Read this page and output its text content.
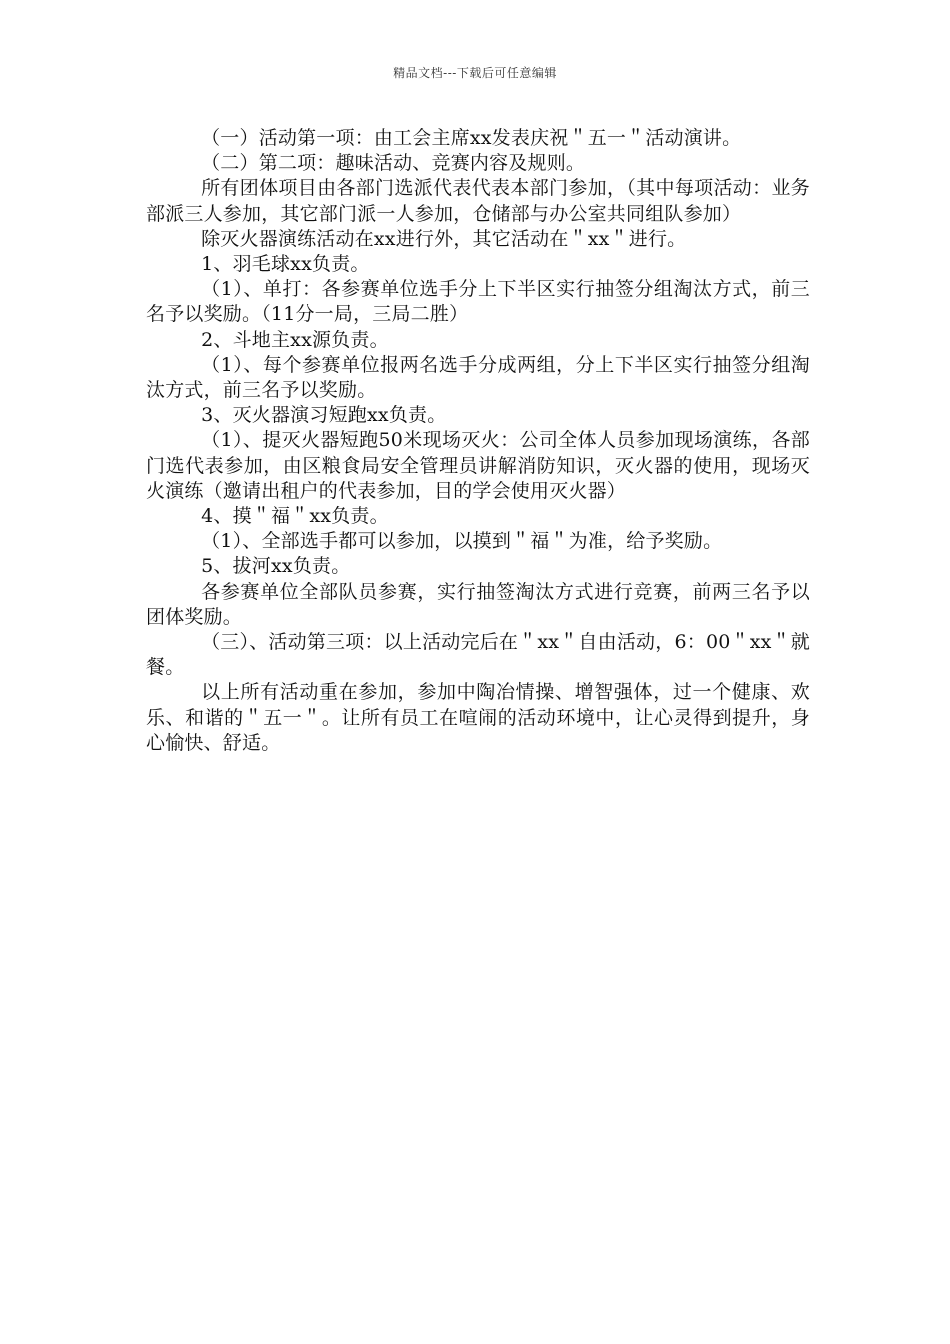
精品文档---下载后可任意编辑

（一）活动第一项：由工会主席xx发表庆祝＂五一＂活动演讲。

（二）第二项：趣味活动、竞赛内容及规则。

所有团体项目由各部门选派代表代表本部门参加，（其中每项活动：业务部派三人参加，其它部门派一人参加，仓储部与办公室共同组队参加）

除灭火器演练活动在xx进行外，其它活动在＂xx＂进行。

1、羽毛球xx负责。

（1）、单打：各参赛单位选手分上下半区实行抽签分组淘汰方式，前三名予以奖励。（11分一局，三局二胜）

2、斗地主xx源负责。

（1）、每个参赛单位报两名选手分成两组，分上下半区实行抽签分组淘汰方式，前三名予以奖励。

3、灭火器演习短跑xx负责。

（1）、提灭火器短跑50米现场灭火：公司全体人员参加现场演练，各部门选代表参加，由区粮食局安全管理员讲解消防知识，灭火器的使用，现场灭火演练（邀请出租户的代表参加，目的学会使用灭火器）

4、摸＂福＂xx负责。

（1）、全部选手都可以参加，以摸到＂福＂为准，给予奖励。

5、拔河xx负责。

各参赛单位全部队员参赛，实行抽签淘汰方式进行竞赛，前两三名予以团体奖励。

（三）、活动第三项：以上活动完后在＂xx＂自由活动，6：00＂xx＂就餐。

以上所有活动重在参加，参加中陶冶情操、增智强体，过一个健康、欢乐、和谐的＂五一＂。让所有员工在喧闹的活动环境中，让心灵得到提升，身心愉快、舒适。
